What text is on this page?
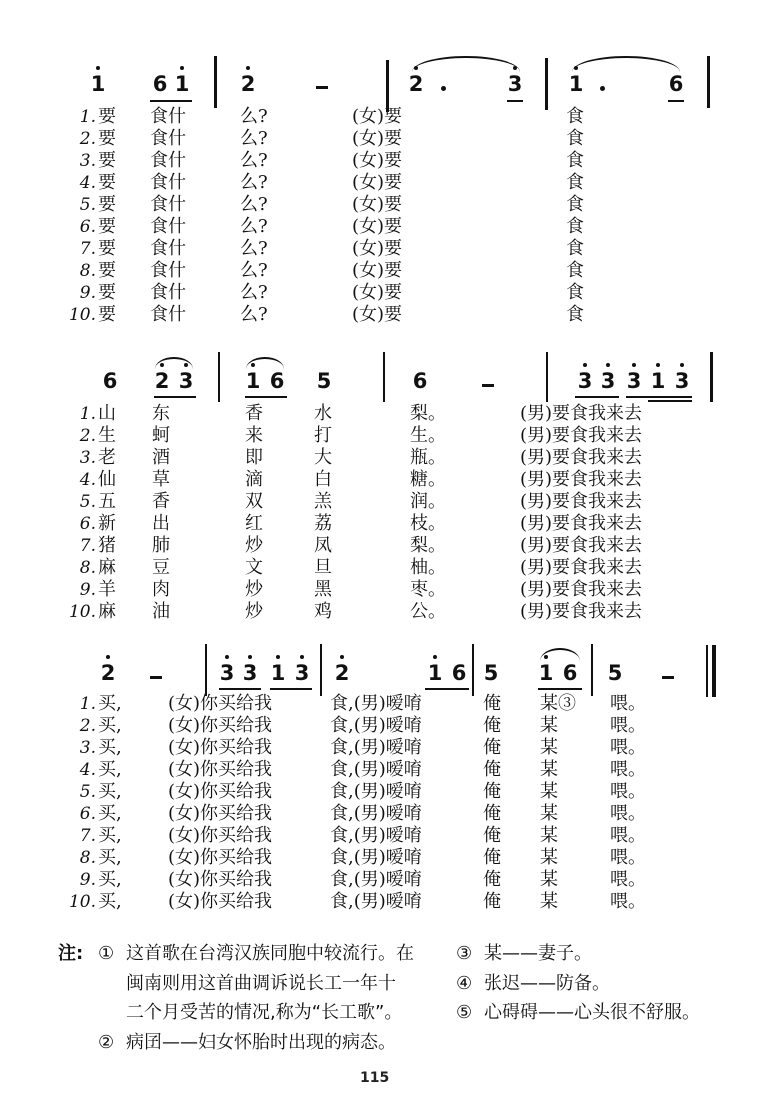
1 6 1 2	2	3 1	6
1. 要 食什	么?	(女)要	食
2. 要 食什	么?	(女)要	食
3. 要 食什	么?	(女)要	食
4. 要 食什	么?	(女)要	食
5. 要 食什	么?	(女)要	食
6. 要 食什	么?	(女)要	食
7. 要 食什	么?	(女)要	食
8. 要 食什	么?	(女)要	食
9. 要 食什	么?	(女)要	食
10. 要 食什	么?	(女)要	食
6 2 3 1 6 5	6	3 3 3 1 3
1. 山 东	香	水	梨。	(男)要食我来去
2. 生 蚵	来	打	生。	(男)要食我来去
3. 老 酒	即	大	瓶。	(男)要食我来去
4. 仙 草	滴	白	糖。	(男)要食我来去
5. 五 香	双	羔	润。	(男)要食我来去
6. 新 出	红	荔	枝。	(男)要食我来去
7. 猪 肺	炒	凤	梨。	(男)要食我来去
8. 麻 豆	文	旦	柚。	(男)要食我来去
9. 羊 肉	炒	黑	枣。	(男)要食我来去
10. 麻 油	炒	鸡	公。	(男)要食我来去
2	3 3 1 3 2	1 6 5 1 6 5
1. 买,	(女)你买给我	食,(男)嗳唷	俺 某③ 喂。
2. 买,	(女)你买给我	食,(男)嗳唷	俺 某	喂。
3. 买,	(女)你买给我	食,(男)嗳唷	俺 某	喂。
4. 买,	(女)你买给我	食,(男)嗳唷	俺 某	喂。
5. 买,	(女)你买给我	食,(男)嗳唷	俺 某	喂。
6. 买,	(女)你买给我	食,(男)嗳唷	俺 某	喂。
7. 买,	(女)你买给我	食,(男)嗳唷	俺 某	喂。
8. 买,	(女)你买给我	食,(男)嗳唷	俺 某	喂。
9. 买,	(女)你买给我	食,(男)嗳唷	俺 某	喂。
10. 买,	(女)你买给我	食,(男)嗳唷	俺 某	喂。
注: ① 这首歌在台湾汉族同胞中较流行。在
闽南则用这首曲调诉说长工一年十
二个月受苦的情况,称为“长工歌”。
② 病囝——妇女怀胎时出现的病态。
③ 某——妻子。
④ 张迟——防备。
⑤ 心碍碍——心头很不舒服。
115
